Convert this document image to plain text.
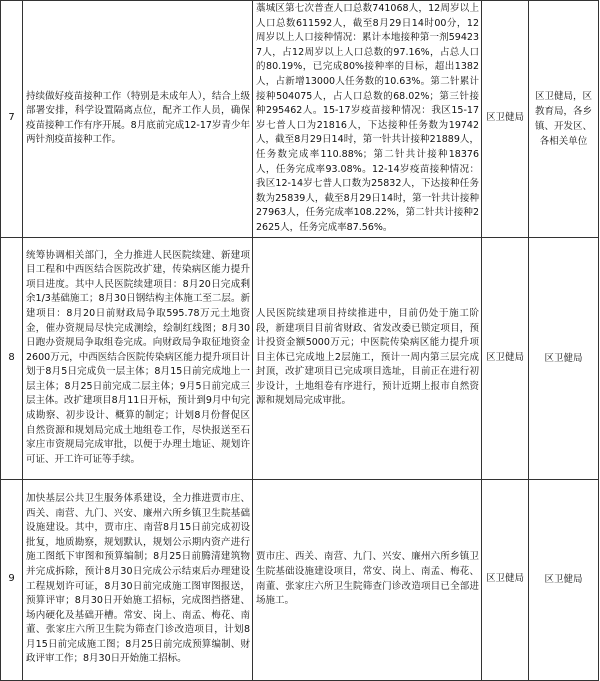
7	持续做好疫苗接种工作（特别是未成年人），结合上级部署安排，科学设置隔离点位，配齐工作人员，确保疫苗接种工作有序开展。8月底前完成12-17岁青少年两针剂疫苗接种工作。	藁城区第七次普查人口总数741068人，12周岁以上人口总数611592人，截至8月29日14时00分，12周岁以上人口接种情况：累计本地接种第一剂594237人，占12周岁以上人口总数的97.16%，占总人口的80.19%，已完成80%接种率的目标，超出1382人，占新增13000人任务数的10.63%。第二针累计接种504075人，占人口总数的68.02%；第三针接种295462人。15-17岁疫苗接种情况：我区15-17岁七普人口为21816人，下达接种任务数为19742人，截至8月29日14时，第一针共计接种21889人，任务数完成率110.88%；第二针共计接种18376人，任务完成率93.08%。12-14岁疫苗接种情况：我区12-14岁七普人口数为25832人，下达接种任务数为25839人，截至8月29日14时，第一针共计接种27963人，任务完成率108.22%，第二针共计接种22625人，任务完成率87.56%。	区卫健局	区卫健局，区教育局，各乡镇、开发区、各相关单位
8	统筹协调相关部门，全力推进人民医院续建、新建项目工程和中西医结合医院改扩建，传染病区能力提升项目进度。其中人民医院续建项目：8月20日完成剩余1/3基础施工；8月30日钢结构主体施工至二层。新建项目：8月20日前财政局争取595.78万元土地资金，催办资规局尽快完成测绘，绘制红线图；8月30日跑办资规局争取组卷完成。向财政局争取征地资金2600万元，中西医结合医院传染病区能力提升项目计划于8月5日完成负一层主体；8月15日前完成地上一层主体；8月25日前完成二层主体；9月5日前完成三层主体。改扩建项目8月11日开标，预计到9月中旬完成勘察、初步设计、概算的制定；计划8月份督促区自然资源和规划局完成土地组卷工作，尽快报送至石家庄市资规局完成审批，以便于办理土地证、规划许可证、开工许可证等手续。	人民医院续建项目持续推进中，目前仍处于施工阶段，新建项目目前省财政、省发改委已锁定项目，预计投资金额5000万元；中医院传染病区能力提升项目主体已完成地上2层施工，预计一周内第三层完成封顶，改扩建项目已完成项目选址，目前正在进行初步设计，土地组卷有序进行，预计近期上报市自然资源和规划局完成审批。	区卫健局	区卫健局
9	加快基层公共卫生服务体系建设，全力推进贾市庄、西关、南营、九门、兴安、廉州六所乡镇卫生院基础设施建设。其中，贾市庄、南营8月15日前完成初设批复，地质勘察，规划默认，规划公示期内资产进行施工图纸下审图和预算编制；8月25日前腾清建筑物并完成拆除，预计8月30日完成公示结束后办理建设工程规划许可证，8月30日前完成施工图审图报送，预算评审；8月30日开始施工招标，完成图挡搭建、场内硬化及基础开槽。常安、岗上、南孟、梅花、南董、张家庄六所卫生院为筛查门诊改造项目，计划8月15日前完成施工图；8月25日前完成预算编制、财政评审工作；8月30日开始施工招标。	贾市庄、西关、南营、九门、兴安、廉州六所乡镇卫生院基础设施建设项目，常安、岗上、南孟、梅花、南董、张家庄六所卫生院筛查门诊改造项目已全部进场施工。	区卫健局	区卫健局
